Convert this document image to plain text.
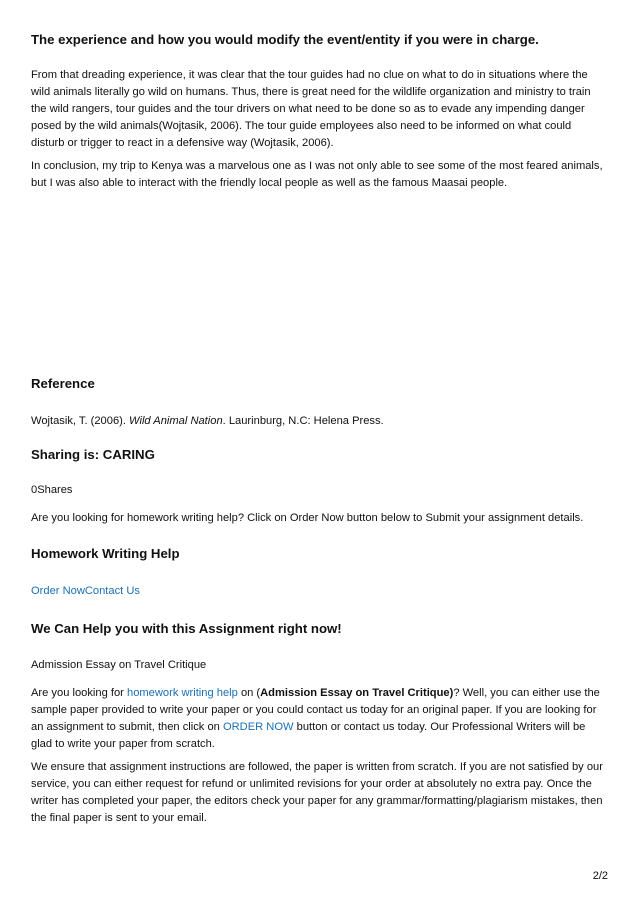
The experience and how you would modify the event/entity if you were in charge.

From that dreading experience, it was clear that the tour guides had no clue on what to do in situations where the wild animals literally go wild on humans. Thus, there is great need for the wildlife organization and ministry to train the wild rangers, tour guides and the tour drivers on what need to be done so as to evade any impending danger posed by the wild animals(Wojtasik, 2006). The tour guide employees also need to be informed on what could disturb or trigger to react in a defensive way (Wojtasik, 2006).

In conclusion, my trip to Kenya was a marvelous one as I was not only able to see some of the most feared animals, but I was also able to interact with the friendly local people as well as the famous Maasai people.

Reference

Wojtasik, T. (2006). Wild Animal Nation. Laurinburg, N.C: Helena Press.

Sharing is: CARING

0Shares

Are you looking for homework writing help? Click on Order Now button below to Submit your assignment details.

Homework Writing Help

Order NowContact Us

We Can Help you with this Assignment right now!

Admission Essay on Travel Critique

Are you looking for homework writing help on (Admission Essay on Travel Critique)? Well, you can either use the sample paper provided to write your paper or you could contact us today for an original paper. If you are looking for an assignment to submit, then click on ORDER NOW button or contact us today. Our Professional Writers will be glad to write your paper from scratch.

We ensure that assignment instructions are followed, the paper is written from scratch. If you are not satisfied by our service, you can either request for refund or unlimited revisions for your order at absolutely no extra pay. Once the writer has completed your paper, the editors check your paper for any grammar/formatting/plagiarism mistakes, then the final paper is sent to your email.

2/2
